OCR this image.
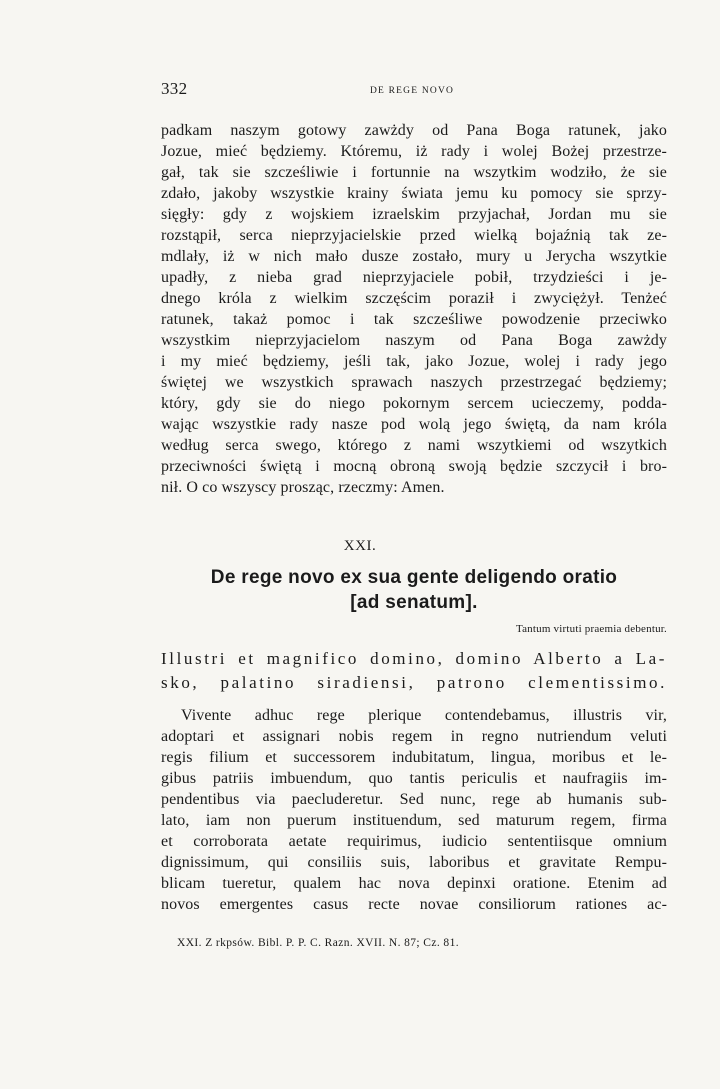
332	DE REGE NOVO
padkam naszym gotowy zawżdy od Pana Boga ratunek, jako
Jozue, mieć będziemy. Któremu, iż rady i wolej Bożej przestrze-
gał, tak sie szcześliwie i fortunnie na wszytkim wodziło, że sie
zdało, jakoby wszystkie krainy świata jemu ku pomocy sie sprzy-
sięgły: gdy z wojskiem izraelskim przyjachał, Jordan mu sie
rozstąpił, serca nieprzyjacielskie przed wielką bojaźnią tak ze-
mdlały, iż w nich mało dusze zostało, mury u Jerycha wszytkie
upadły, z nieba grad nieprzyjaciele pobił, trzydzieści i je-
dnego króla z wielkim szczęścim poraził i zwyciężył. Tenżeć
ratunek, takaż pomoc i tak szcześliwe powodzenie przeciwko
wszystkim nieprzyjacielom naszym od Pana Boga zawżdy
i my mieć będziemy, jeśli tak, jako Jozue, wolej i rady jego
świętej we wszystkich sprawach naszych przestrzegać będziemy;
który, gdy sie do niego pokornym sercem ucieczemy, podda-
wając wszystkie rady nasze pod wolą jego świętą, da nam króla
według serca swego, którego z nami wszytkiemi od wszytkich
przeciwności świętą i mocną obroną swoją będzie szczycił i bro-
nił. O co wszyscy prosząc, rzeczmy: Amen.
XXI.
De rege novo ex sua gente deligendo oratio
[ad senatum].
Tantum virtuti praemia debentur.
Illustri et magnifico domino, domino Alberto a La-
sko, palatino siradiensi, patrono clementissimo.
Vivente adhuc rege plerique contendebamus, illustris vir,
adoptari et assignari nobis regem in regno nutriendum veluti
regis filium et successorem indubitatum, lingua, moribus et le-
gibus patriis imbuendum, quo tantis periculis et naufragiis im-
pendentibus via paecluderetur. Sed nunc, rege ab humanis sub-
lato, iam non puerum instituendum, sed maturum regem, firma
et corroborata aetate requirimus, iudicio sententiisque omnium
dignissimum, qui consiliis suis, laboribus et gravitate Rempu-
blicam tueretur, qualem hac nova depinxi oratione. Etenim ad
novos emergentes casus recte novae consiliorum rationes ac-
XXI. Z rkpsów. Bibl. P. P. C. Razn. XVII. N. 87; Cz. 81.
